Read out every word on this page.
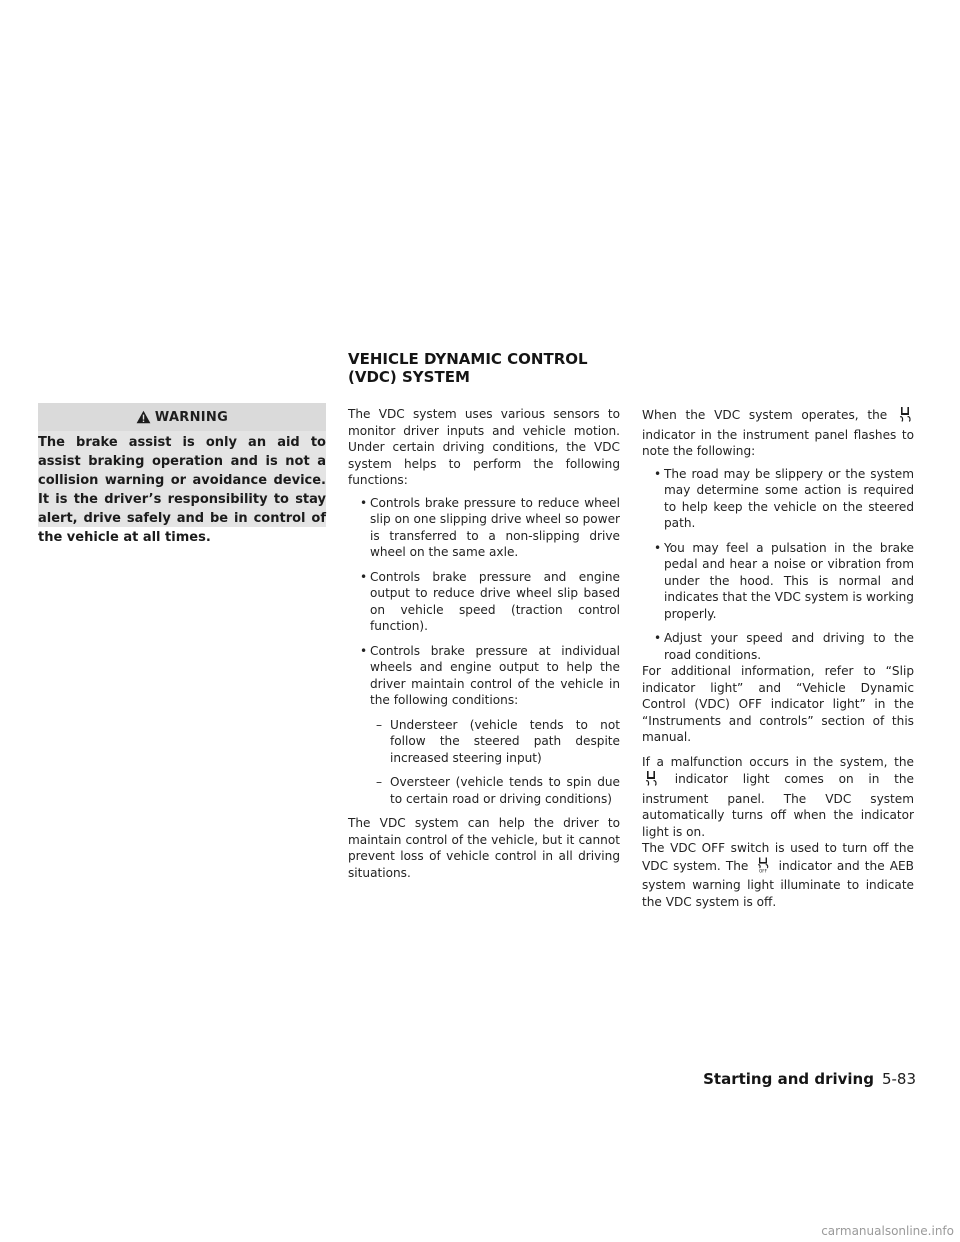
WARNING

The brake assist is only an aid to assist braking operation and is not a collision warning or avoidance device. It is the driver’s responsibility to stay alert, drive safely and be in control of the vehicle at all times.

VEHICLE DYNAMIC CONTROL (VDC) SYSTEM

The VDC system uses various sensors to monitor driver inputs and vehicle motion. Under certain driving conditions, the VDC system helps to perform the following functions:

• Controls brake pressure to reduce wheel slip on one slipping drive wheel so power is transferred to a non-slipping drive wheel on the same axle.

• Controls brake pressure and engine output to reduce drive wheel slip based on vehicle speed (traction control function).

• Controls brake pressure at individual wheels and engine output to help the driver maintain control of the vehicle in the following conditions:

– Understeer (vehicle tends to not follow the steered path despite increased steering input)

– Oversteer (vehicle tends to spin due to certain road or driving conditions)

The VDC system can help the driver to maintain control of the vehicle, but it cannot prevent loss of vehicle control in all driving situations.

When the VDC system operates, the  indicator in the instrument panel flashes to note the following:

• The road may be slippery or the system may determine some action is required to help keep the vehicle on the steered path.

• You may feel a pulsation in the brake pedal and hear a noise or vibration from under the hood. This is normal and indicates that the VDC system is working properly.

• Adjust your speed and driving to the road conditions.

For additional information, refer to “Slip indicator light” and “Vehicle Dynamic Control (VDC) OFF indicator light” in the “Instruments and controls” section of this manual.

If a malfunction occurs in the system, the  indicator light comes on in the instrument panel. The VDC system automatically turns off when the indicator light is on.

The VDC OFF switch is used to turn off the VDC system. The	OFF indicator and the AEB system warning light illuminate to indicate the VDC system is off.

Starting and driving 5-83
carmanualsonline.info
